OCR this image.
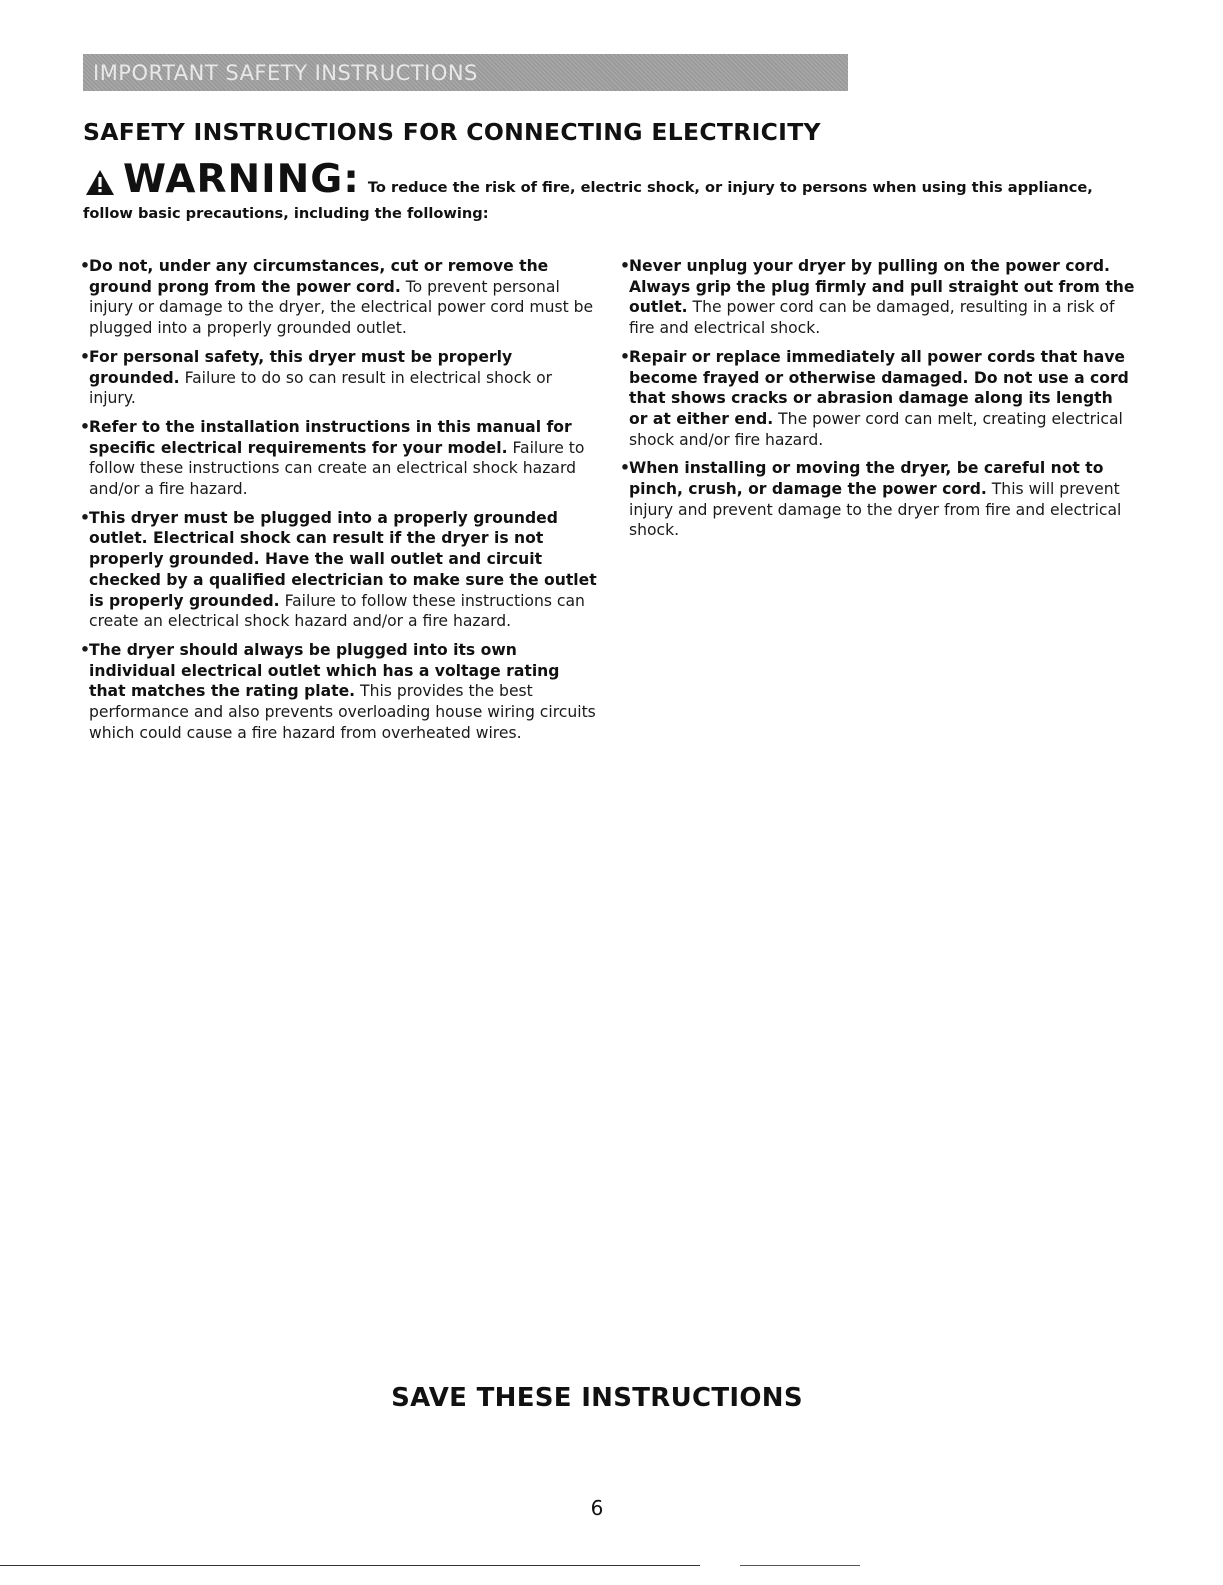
IMPORTANT SAFETY INSTRUCTIONS
SAFETY INSTRUCTIONS FOR CONNECTING ELECTRICITY

WARNING: To reduce the risk of fire, electric shock, or injury to persons when using this appliance, follow basic precautions, including the following:

• Do not, under any circumstances, cut or remove the ground prong from the power cord. To prevent personal injury or damage to the dryer, the electrical power cord must be plugged into a properly grounded outlet.

• For personal safety, this dryer must be properly grounded. Failure to do so can result in electrical shock or injury.

• Refer to the installation instructions in this manual for specific electrical requirements for your model. Failure to follow these instructions can create an electrical shock hazard and/or a fire hazard.

• This dryer must be plugged into a properly grounded outlet. Electrical shock can result if the dryer is not properly grounded. Have the wall outlet and circuit checked by a qualified electrician to make sure the outlet is properly grounded. Failure to follow these instructions can create an electrical shock hazard and/or a fire hazard.

• The dryer should always be plugged into its own individual electrical outlet which has a voltage rating that matches the rating plate. This provides the best performance and also prevents overloading house wiring circuits which could cause a fire hazard from overheated wires.

• Never unplug your dryer by pulling on the power cord. Always grip the plug firmly and pull straight out from the outlet. The power cord can be damaged, resulting in a risk of fire and electrical shock.

• Repair or replace immediately all power cords that have become frayed or otherwise damaged. Do not use a cord that shows cracks or abrasion damage along its length or at either end. The power cord can melt, creating electrical shock and/or fire hazard.

• When installing or moving the dryer, be careful not to pinch, crush, or damage the power cord. This will prevent injury and prevent damage to the dryer from fire and electrical shock.

SAVE THESE INSTRUCTIONS
6
